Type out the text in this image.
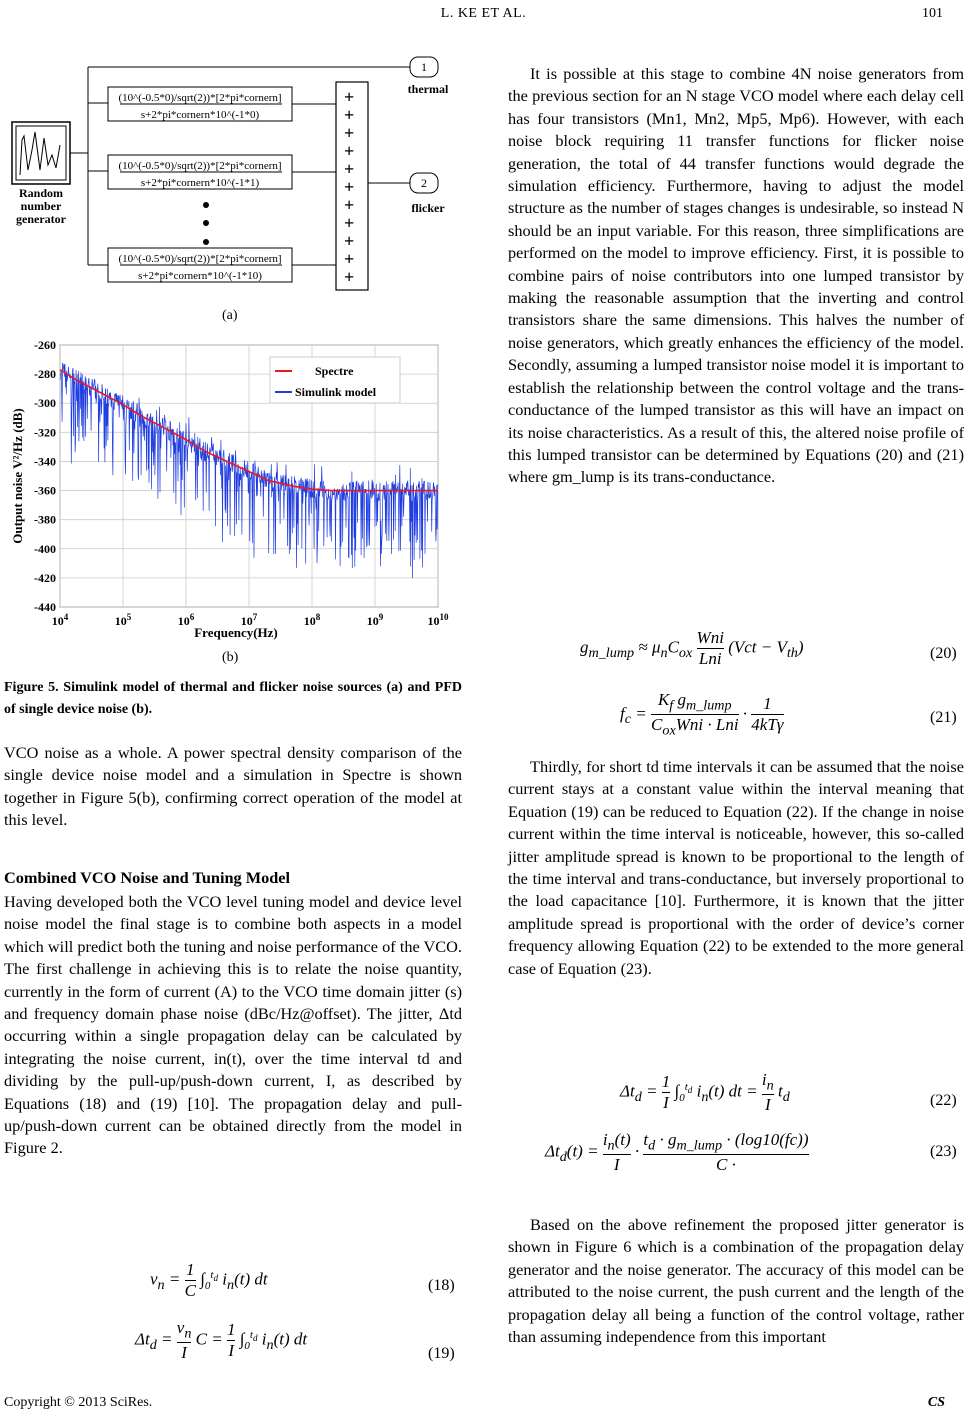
L. KE ET AL.	101
+
+
+
+
+
+
+
+
+
+
+
(10^(-0.5*0)/sqrt(2))*[2*pi*cornern]
s+2*pi*cornern*10^(-1*0)
(10^(-0.5*0)/sqrt(2))*[2*pi*cornern]
s+2*pi*cornern*10^(-1*1)
(10^(-0.5*0)/sqrt(2))*[2*pi*cornern]
s+2*pi*cornern*10^(-1*10)
Random
number
generator
1
2
thermal
flicker
(a)
-260
-280
-300
-320
-340
-360
-380
-400
-420
-440
$10^4$	$10^5$	$10^6$	$10^7$	$10^8$	$10^9$	$10^{10}$
Spectre
Simulink model
Frequency(Hz)
Output noise V²/Hz (dB)
(b)
Figure 5. Simulink model of thermal and flicker noise sources (a) and PFD of single device noise (b).

VCO noise as a whole. A power spectral density comparison of the single device noise model and a simulation in Spectre is shown together in Figure 5(b), confirming correct operation of the model at this level.

Combined VCO Noise and Tuning Model

Having developed both the VCO level tuning model and device level noise model the final stage is to combine both aspects in a model which will predict both the tuning and noise performance of the VCO. The first challenge in achieving this is to relate the noise quantity, currently in the form of current (A) to the VCO time domain jitter (s) and frequency domain phase noise (dBc/Hz@offset). The jitter, Δtd occurring within a single propagation delay can be calculated by integrating the noise current, in(t), over the time interval td and dividing by the pull-up/push-down current, I, as described by Equations (18) and (19) [10]. The propagation delay and pull-up/push-down current can be obtained directly from the model in Figure 2.

$v_n = \frac{1}{C} \int_0^{t_d}$ $i_n(t)$ dt	(18)
$\Delta t_d = \frac{v_n}{I}$ $C = \frac{1}{I} \int_0^{t_d}$ $i_n(t)$ dt
(19)

It is possible at this stage to combine 4N noise generators from the previous section for an N stage VCO model where each delay cell has four transistors (Mn1, Mn2, Mp5, Mp6). However, with each noise block requiring 11 transfer functions for flicker noise generation, the total of 44 transfer functions would degrade the simulation efficiency. Furthermore, having to adjust the model structure as the number of stages changes is undesirable, so instead N should be an input variable. For this reason, three simplifications are performed on the model to improve efficiency. First, it is possible to combine pairs of noise contributors into one lumped transistor by making the reasonable assumption that the inverting and control transistors share the same dimensions. This halves the number of noise generators, which greatly enhances the efficiency of the model. Secondly, assuming a lumped transistor noise model it is important to establish the relationship between the control voltage and the trans-conductance of the lumped transistor as this will have an impact on its noise characteristics. As a result of this, the altered noise profile of this lumped transistor can be determined by Equations (20) and (21) where gm_lump is its trans-conductance.

$g_{m\_lump} \approx \mu_nC_{ox}$
Wni
Lni
$(Vct - V_{th})$	(20)
$f_c$ =
$K_f$ $g_{m\_lump}$
$C_{ox}Wni$ · Lni
· 1
4kTγ	(21)

Thirdly, for short td time intervals it can be assumed that the noise current stays at a constant value within the interval meaning that Equation (19) can be reduced to Equation (22). If the change in noise current within the time interval is noticeable, however, this so-called jitter amplitude spread is known to be proportional to the length of the time interval and trans-conductance, but inversely proportional to the load capacitance [10]. Furthermore, it is known that the jitter amplitude spread is proportional with the order of device’s corner frequency allowing Equation (22) to be extended to the more general case of Equation (23).

$\Delta t_d = \frac{1}{I} \int_0^{t_d}$ $i_n(t)$ dt = $\frac{i_n}{I} t_d$	(22)
$\Delta t_d(t) = \frac{i_n(t)}{I}$ ·
$t_d \cdot g_{m\_lump} \cdot (\log 10(fc))$
C ·
(23)

Based on the above refinement the proposed jitter generator is shown in Figure 6 which is a combination of the propagation delay generator and the noise generator. The accuracy of this model can be attributed to the noise current, the push current and the length of the propagation delay all being a function of the control voltage, rather than assuming independence from this important

Copyright © 2013 SciRes.	CS
